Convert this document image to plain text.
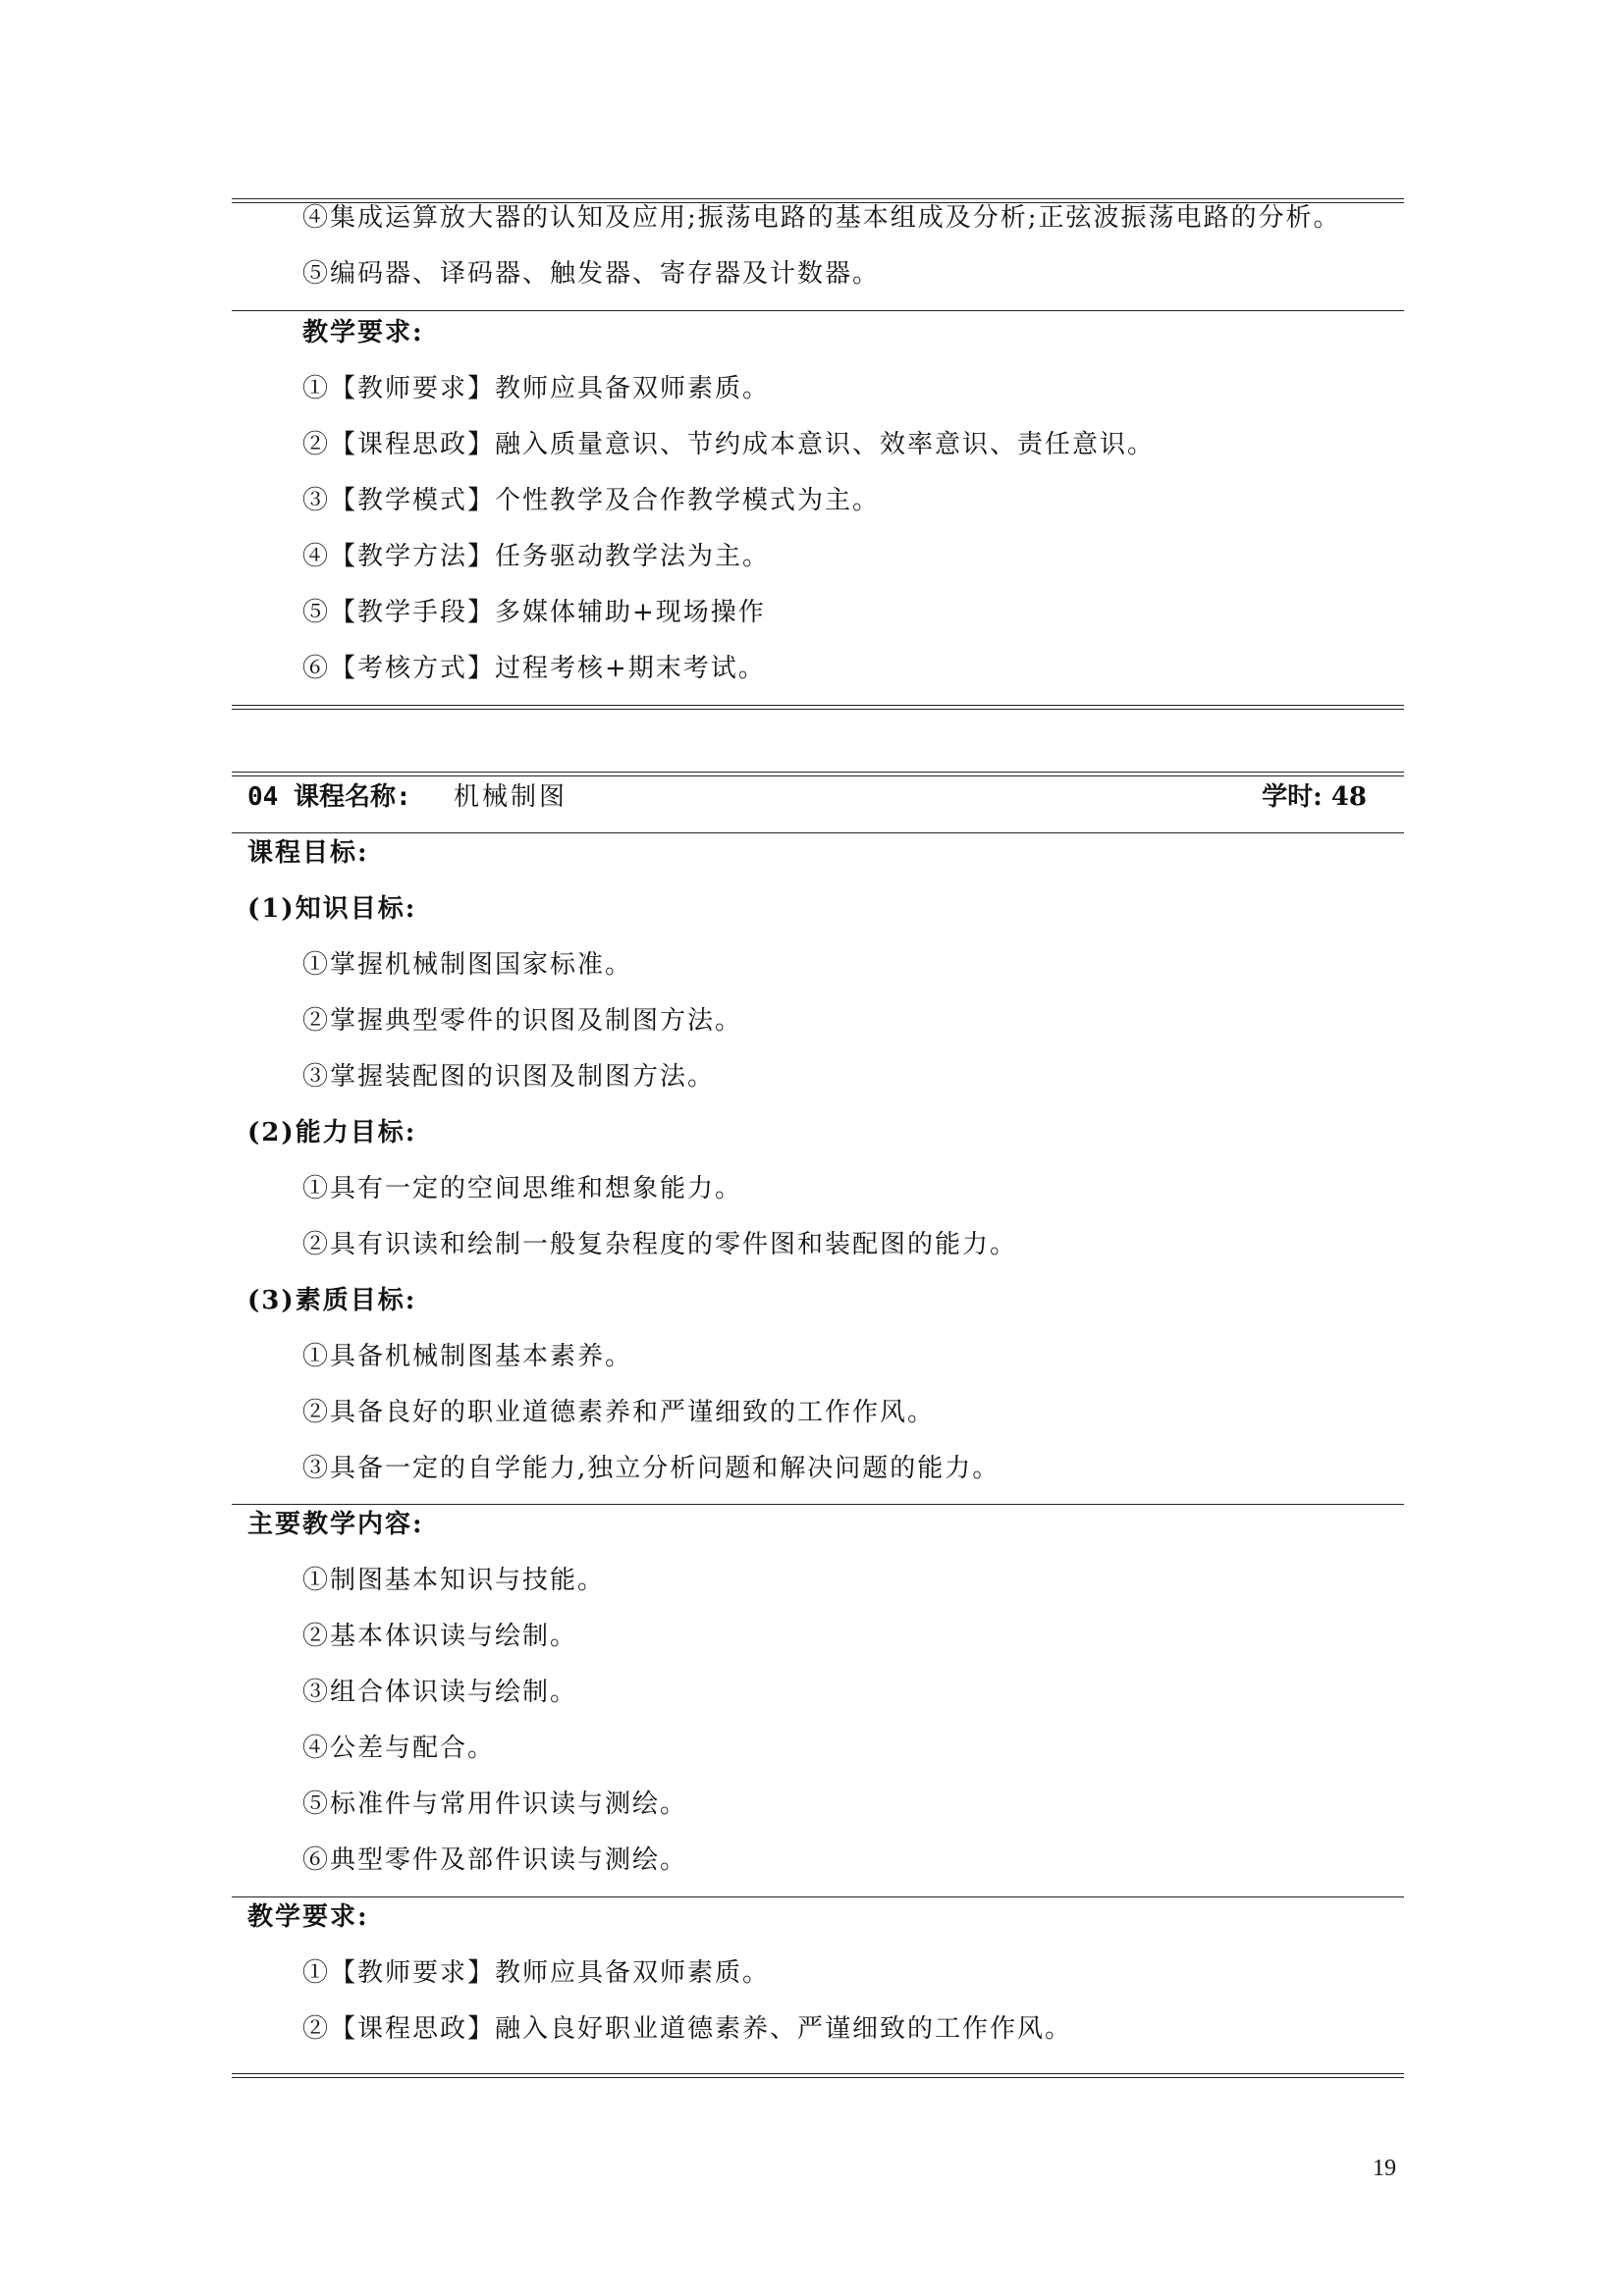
④集成运算放大器的认知及应用;振荡电路的基本组成及分析;正弦波振荡电路的分析。
⑤编码器、译码器、触发器、寄存器及计数器。
教学要求:
①【教师要求】教师应具备双师素质。
②【课程思政】融入质量意识、节约成本意识、效率意识、责任意识。
③【教学模式】个性教学及合作教学模式为主。
④【教学方法】任务驱动教学法为主。
⑤【教学手段】多媒体辅助+现场操作
⑥【考核方式】过程考核+期末考试。
04 课程名称: 机械制图	学时: 48
课程目标:
(1)知识目标:
①掌握机械制图国家标准。
②掌握典型零件的识图及制图方法。
③掌握装配图的识图及制图方法。
(2)能力目标:
①具有一定的空间思维和想象能力。
②具有识读和绘制一般复杂程度的零件图和装配图的能力。
(3)素质目标:
①具备机械制图基本素养。
②具备良好的职业道德素养和严谨细致的工作作风。
③具备一定的自学能力,独立分析问题和解决问题的能力。
主要教学内容:
①制图基本知识与技能。
②基本体识读与绘制。
③组合体识读与绘制。
④公差与配合。
⑤标准件与常用件识读与测绘。
⑥典型零件及部件识读与测绘。
教学要求:
①【教师要求】教师应具备双师素质。
②【课程思政】融入良好职业道德素养、严谨细致的工作作风。
19
